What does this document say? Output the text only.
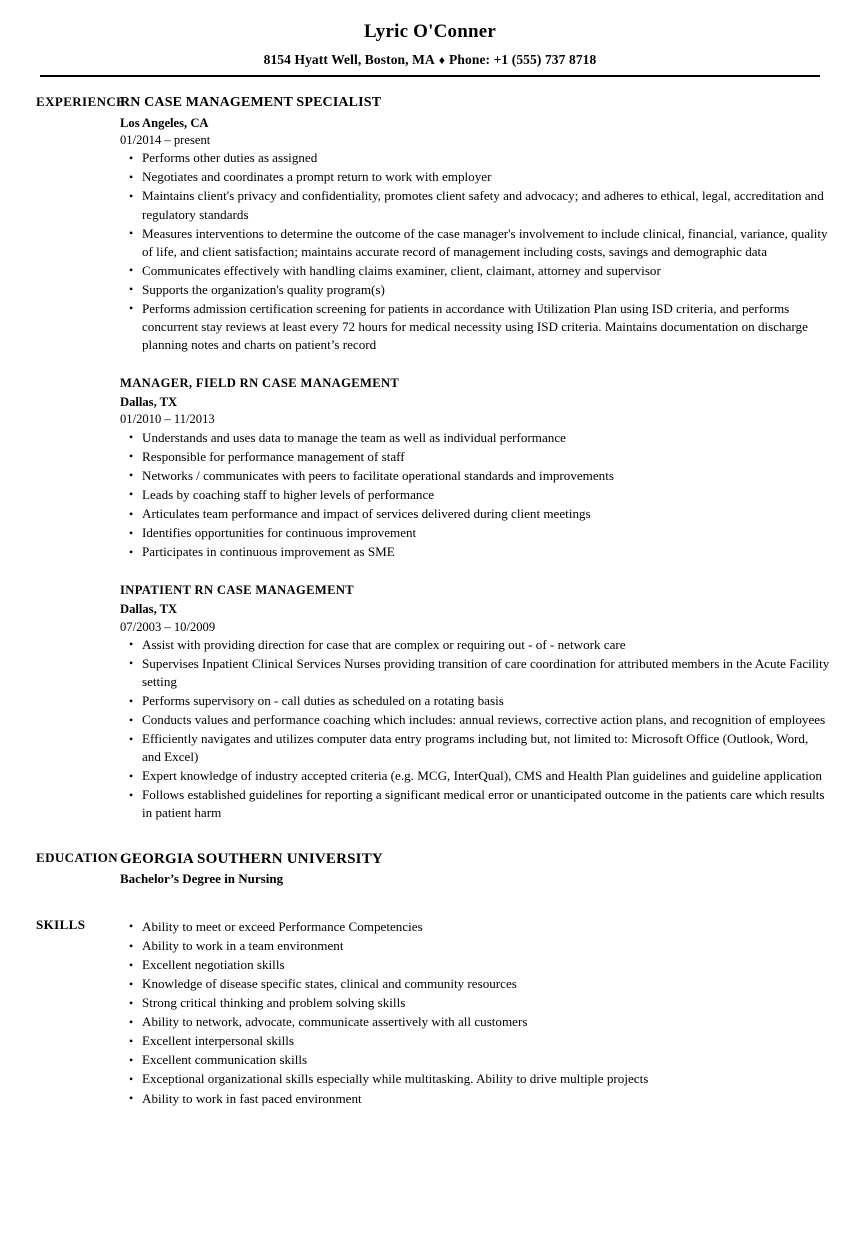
Lyric O'Conner
8154 Hyatt Well, Boston, MA ♦ Phone: +1 (555) 737 8718
EXPERIENCE
RN CASE MANAGEMENT SPECIALIST
Los Angeles, CA
01/2014 – present
• Performs other duties as assigned
• Negotiates and coordinates a prompt return to work with employer
• Maintains client's privacy and confidentiality, promotes client safety and advocacy; and adheres to ethical, legal, accreditation and regulatory standards
• Measures interventions to determine the outcome of the case manager's involvement to include clinical, financial, variance, quality of life, and client satisfaction; maintains accurate record of management including costs, savings and demographic data
• Communicates effectively with handling claims examiner, client, claimant, attorney and supervisor
• Supports the organization's quality program(s)
• Performs admission certification screening for patients in accordance with Utilization Plan using ISD criteria, and performs concurrent stay reviews at least every 72 hours for medical necessity using ISD criteria. Maintains documentation on discharge planning notes and charts on patient’s record
MANAGER, FIELD RN CASE MANAGEMENT
Dallas, TX
01/2010 – 11/2013
• Understands and uses data to manage the team as well as individual performance
• Responsible for performance management of staff
• Networks / communicates with peers to facilitate operational standards and improvements
• Leads by coaching staff to higher levels of performance
• Articulates team performance and impact of services delivered during client meetings
• Identifies opportunities for continuous improvement
• Participates in continuous improvement as SME
INPATIENT RN CASE MANAGEMENT
Dallas, TX
07/2003 – 10/2009
• Assist with providing direction for case that are complex or requiring out - of - network care
• Supervises Inpatient Clinical Services Nurses providing transition of care coordination for attributed members in the Acute Facility setting
• Performs supervisory on - call duties as scheduled on a rotating basis
• Conducts values and performance coaching which includes: annual reviews, corrective action plans, and recognition of employees
• Efficiently navigates and utilizes computer data entry programs including but, not limited to: Microsoft Office (Outlook, Word, and Excel)
• Expert knowledge of industry accepted criteria (e.g. MCG, InterQual), CMS and Health Plan guidelines and guideline application
• Follows established guidelines for reporting a significant medical error or unanticipated outcome in the patients care which results in patient harm
EDUCATION GEORGIA SOUTHERN UNIVERSITY
Bachelor’s Degree in Nursing
SKILLS	• Ability to meet or exceed Performance Competencies
• Ability to work in a team environment
• Excellent negotiation skills
• Knowledge of disease specific states, clinical and community resources
• Strong critical thinking and problem solving skills
• Ability to network, advocate, communicate assertively with all customers
• Excellent interpersonal skills
• Excellent communication skills
• Exceptional organizational skills especially while multitasking. Ability to drive multiple projects
• Ability to work in fast paced environment
